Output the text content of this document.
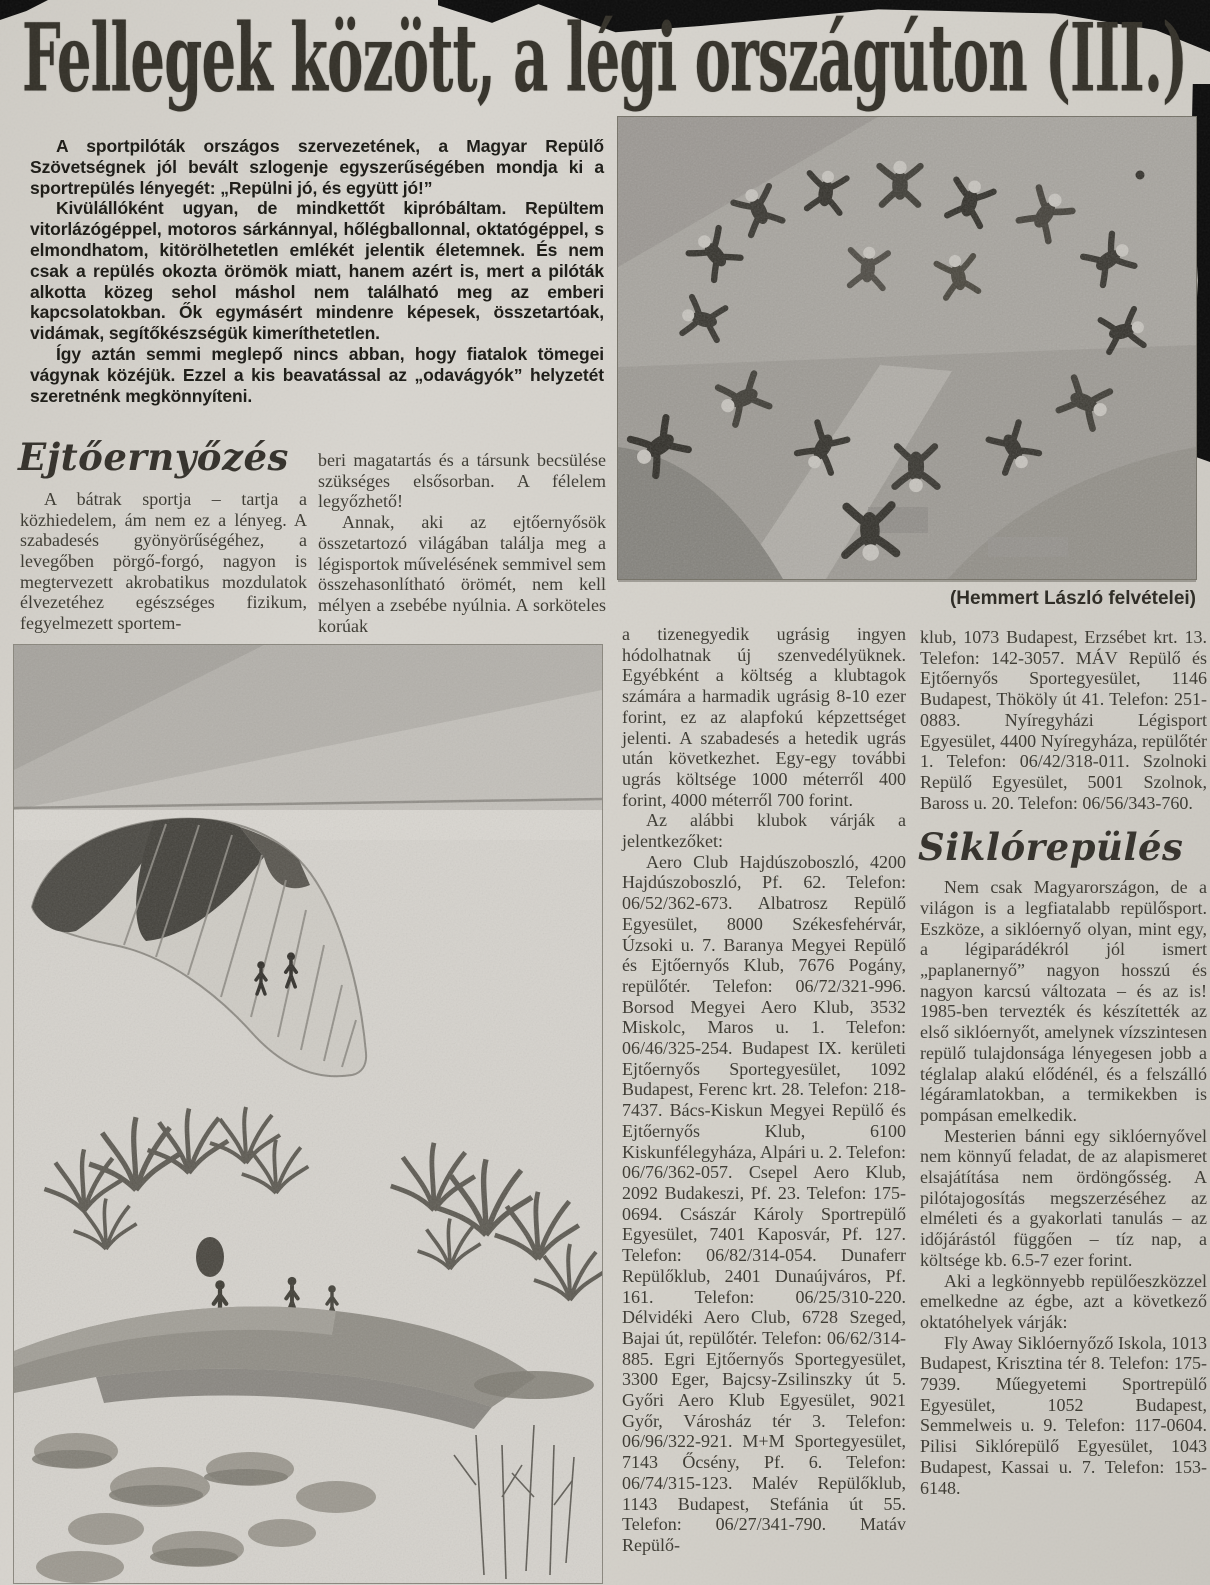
Fellegek között, a légi országúton (III.)

A sportpilóták országos szervezetének, a Magyar Repülő Szövetségnek jól bevált szlogenje egyszerűségében mondja ki a sportrepülés lényegét: „Repülni jó, és együtt jó!”

Kivülállóként ugyan, de mindkettőt kipróbáltam. Repültem vitorlázógéppel, motoros sárkánnyal, hőlégballonnal, oktatógéppel, s elmondhatom, kitörölhetetlen emlékét jelentik életemnek. És nem csak a repülés okozta örömök miatt, hanem azért is, mert a pilóták alkotta közeg sehol máshol nem található meg az emberi kapcsolatokban. Ők egymásért mindenre képesek, összetartóak, vidámak, segítőkészségük kimeríthetetlen.

Így aztán semmi meglepő nincs abban, hogy fiatalok tömegei vágynak közéjük. Ezzel a kis beavatással az „odavágyók” helyzetét szeretnénk megkönnyíteni.

(Hemmert László felvételei)
Ejtőernyőzés

A bátrak sportja – tartja a közhiedelem, ám nem ez a lényeg. A szabadesés gyönyörűségéhez, a levegőben pörgő-forgó, nagyon is megtervezett akrobatikus mozdulatok élvezetéhez egészséges fizikum, fegyelmezett sportem-

beri magatartás és a társunk becsülése szükséges elsősorban. A félelem legyőzhető!

Annak, aki az ejtőernyősök összetartozó világában találja meg a légisportok művelésének semmivel sem összehasonlítható örömét, nem kell mélyen a zsebébe nyúlnia. A sorköteles korúak	a tizenegyedik ugrásig ingyen hódolhatnak új szenvedélyüknek. Egyébként a költség a klubtagok számára a harmadik ugrásig 8-10 ezer forint, ez az alapfokú képzettséget jelenti. A szabadesés a hetedik ugrás után következhet. Egy-egy további ugrás költsége 1000 méterről 400 forint, 4000 méterről 700 forint.

Az alábbi klubok várják a jelentkezőket:

Aero Club Hajdúszoboszló, 4200 Hajdúszoboszló, Pf. 62. Telefon: 06/52/362-673. Albatrosz Repülő Egyesület, 8000 Székesfehérvár, Úzsoki u. 7. Baranya Megyei Repülő és Ejtőernyős Klub, 7676 Pogány, repülőtér. Telefon: 06/72/321-996. Borsod Megyei Aero Klub, 3532 Miskolc, Maros u. 1. Telefon: 06/46/325-254. Budapest IX. kerületi Ejtőernyős Sportegyesület, 1092 Budapest, Ferenc krt. 28. Telefon: 218-7437. Bács-Kiskun Megyei Repülő és Ejtőernyős Klub, 6100 Kiskunfélegyháza, Alpári u. 2. Telefon: 06/76/362-057. Csepel Aero Klub, 2092 Budakeszi, Pf. 23. Telefon: 175-0694. Császár Károly Sportrepülő Egyesület, 7401 Kaposvár, Pf. 127. Telefon: 06/82/314-054. Dunaferr Repülőklub, 2401 Dunaújváros, Pf. 161. Telefon: 06/25/310-220. Délvidéki Aero Club, 6728 Szeged, Bajai út, repülőtér. Telefon: 06/62/314-885. Egri Ejtőernyős Sportegyesület, 3300 Eger, Bajcsy-Zsilinszky út 5. Győri Aero Klub Egyesület, 9021 Győr, Városház tér 3. Telefon: 06/96/322-921. M+M Sportegyesület, 7143 Őcsény, Pf. 6. Telefon: 06/74/315-123. Malév Repülőklub, 1143 Budapest, Stefánia út 55. Telefon: 06/27/341-790. Matáv Repülő-

klub, 1073 Budapest, Erzsébet krt. 13. Telefon: 142-3057. MÁV Repülő és Ejtőernyős Sportegyesület, 1146 Budapest, Thököly út 41. Telefon: 251-0883. Nyíregyházi Légisport Egyesület, 4400 Nyíregyháza, repülőtér 1. Telefon: 06/42/318-011. Szolnoki Repülő Egyesület, 5001 Szolnok, Baross u. 20. Telefon: 06/56/343-760.

Siklórepülés

Nem csak Magyarországon, de a világon is a legfiatalabb repülősport. Eszköze, a siklóernyő olyan, mint egy, a légiparádékról jól ismert „paplanernyő” nagyon hosszú és nagyon karcsú változata – és az is! 1985-ben tervezték és készítették az első siklóernyőt, amelynek vízszintesen repülő tulajdonsága lényegesen jobb a téglalap alakú elődénél, és a felszálló légáramlatokban, a termikekben is pompásan emelkedik.

Mesterien bánni egy siklóernyővel nem könnyű feladat, de az alapismeret elsajátítása nem ördöngősség. A pilótajogosítás megszerzéséhez az elméleti és a gyakorlati tanulás – az időjárástól függően – tíz nap, a költsége kb. 6.5-7 ezer forint.

Aki a legkönnyebb repülőeszközzel emelkedne az égbe, azt a következő oktatóhelyek várják:

Fly Away Siklóernyőző Iskola, 1013 Budapest, Krisztina tér 8. Telefon: 175-7939. Műegyetemi Sportrepülő Egyesület, 1052 Budapest, Semmelweis u. 9. Telefon: 117-0604. Pilisi Siklórepülő Egyesület, 1043 Budapest, Kassai u. 7. Telefon: 153-6148.
